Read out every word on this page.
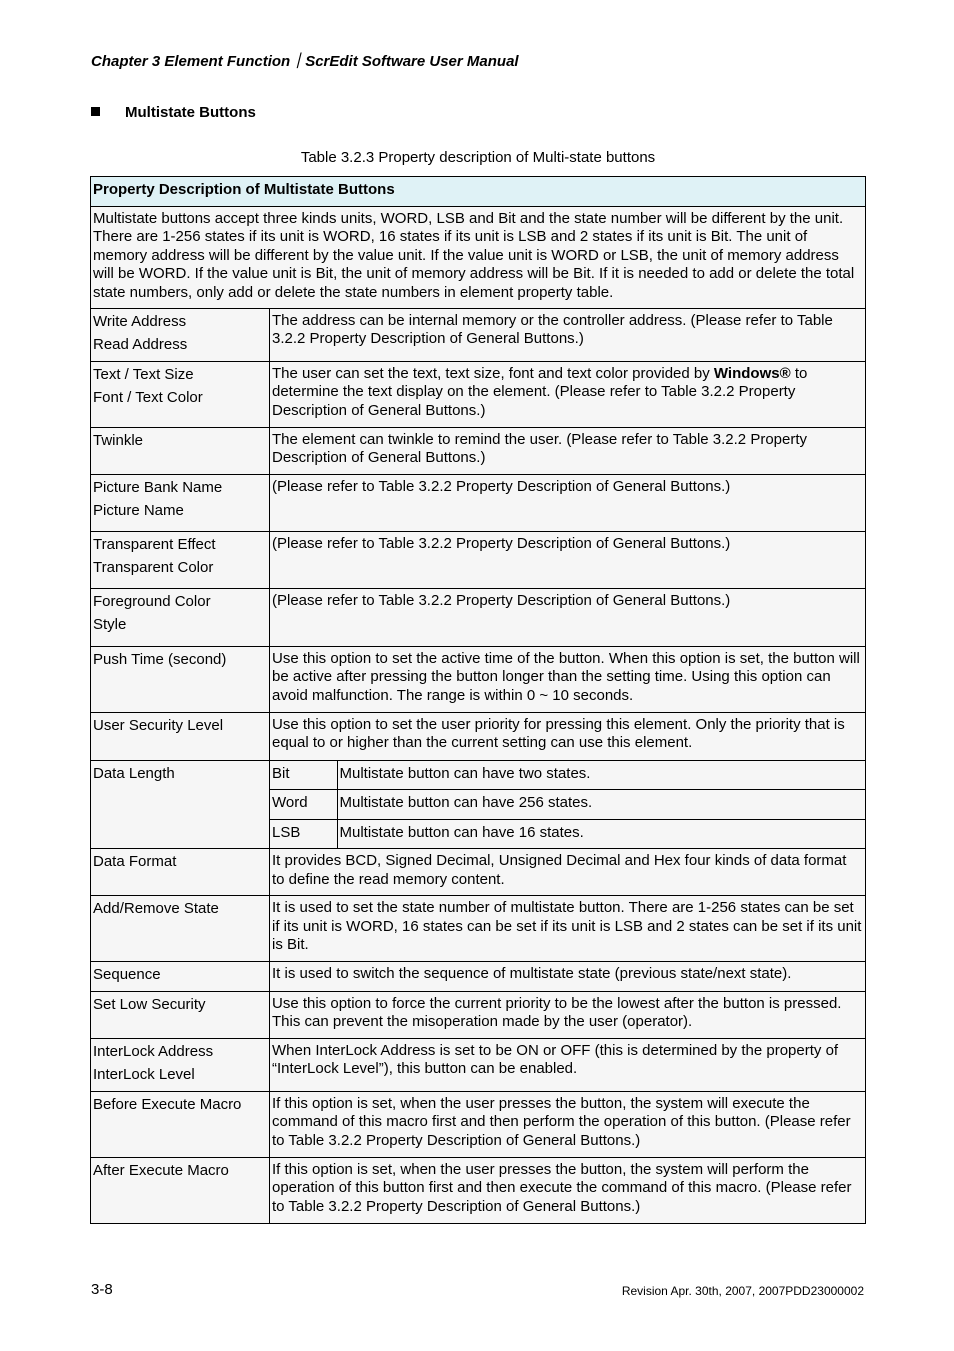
Chapter 3 Element Function｜ScrEdit Software User Manual
Multistate Buttons
Table 3.2.3 Property description of Multi-state buttons
Property Description of Multistate Buttons
Multistate buttons accept three kinds units, WORD, LSB and Bit and the state number will be different by the unit. There are 1-256 states if its unit is WORD, 16 states if its unit is LSB and 2 states if its unit is Bit. The unit of memory address will be different by the value unit. If the value unit is WORD or LSB, the unit of memory address will be WORD. If the value unit is Bit, the unit of memory address will be Bit. If it is needed to add or delete the total state numbers, only add or delete the state numbers in element property table.

Write Address
Read Address
	The address can be internal memory or the controller address. (Please refer to Table 3.2.2 Property Description of General Buttons.)

Text / Text Size
Font / Text Color
	The user can set the text, text size, font and text color provided by Windows® to determine the text display on the element. (Please refer to Table 3.2.2 Property Description of General Buttons.)
Twinkle	The element can twinkle to remind the user. (Please refer to Table 3.2.2 Property Description of General Buttons.)

Picture Bank Name
Picture Name
	(Please refer to Table 3.2.2 Property Description of General Buttons.)

Transparent Effect
Transparent Color
	(Please refer to Table 3.2.2 Property Description of General Buttons.)

Foreground Color
Style
	(Please refer to Table 3.2.2 Property Description of General Buttons.)
Push Time (second)	Use this option to set the active time of the button. When this option is set, the button will be active after pressing the button longer than the setting time. Using this option can avoid malfunction. The range is within 0 ~ 10 seconds.
User Security Level	Use this option to set the user priority for pressing this element. Only the priority that is equal to or higher than the current setting can use this element.
Data Length		Bit	Multistate button can have two states.
Word	Multistate button can have 256 states.
LSB	Multistate button can have 16 states.

Data Format	It provides BCD, Signed Decimal, Unsigned Decimal and Hex four kinds of data format to define the read memory content.
Add/Remove State	It is used to set the state number of multistate button. There are 1-256 states can be set if its unit is WORD, 16 states can be set if its unit is LSB and 2 states can be set if its unit is Bit.
Sequence	It is used to switch the sequence of multistate state (previous state/next state).
Set Low Security	Use this option to force the current priority to be the lowest after the button is pressed. This can prevent the misoperation made by the user (operator).

InterLock Address
InterLock Level
	When InterLock Address is set to be ON or OFF (this is determined by the property of “InterLock Level”), this button can be enabled.
Before Execute Macro	If this option is set, when the user presses the button, the system will execute the command of this macro first and then perform the operation of this button. (Please refer to Table 3.2.2 Property Description of General Buttons.)
After Execute Macro	If this option is set, when the user presses the button, the system will perform the operation of this button first and then execute the command of this macro. (Please refer to Table 3.2.2 Property Description of General Buttons.)
3-8	Revision Apr. 30th, 2007, 2007PDD23000002
